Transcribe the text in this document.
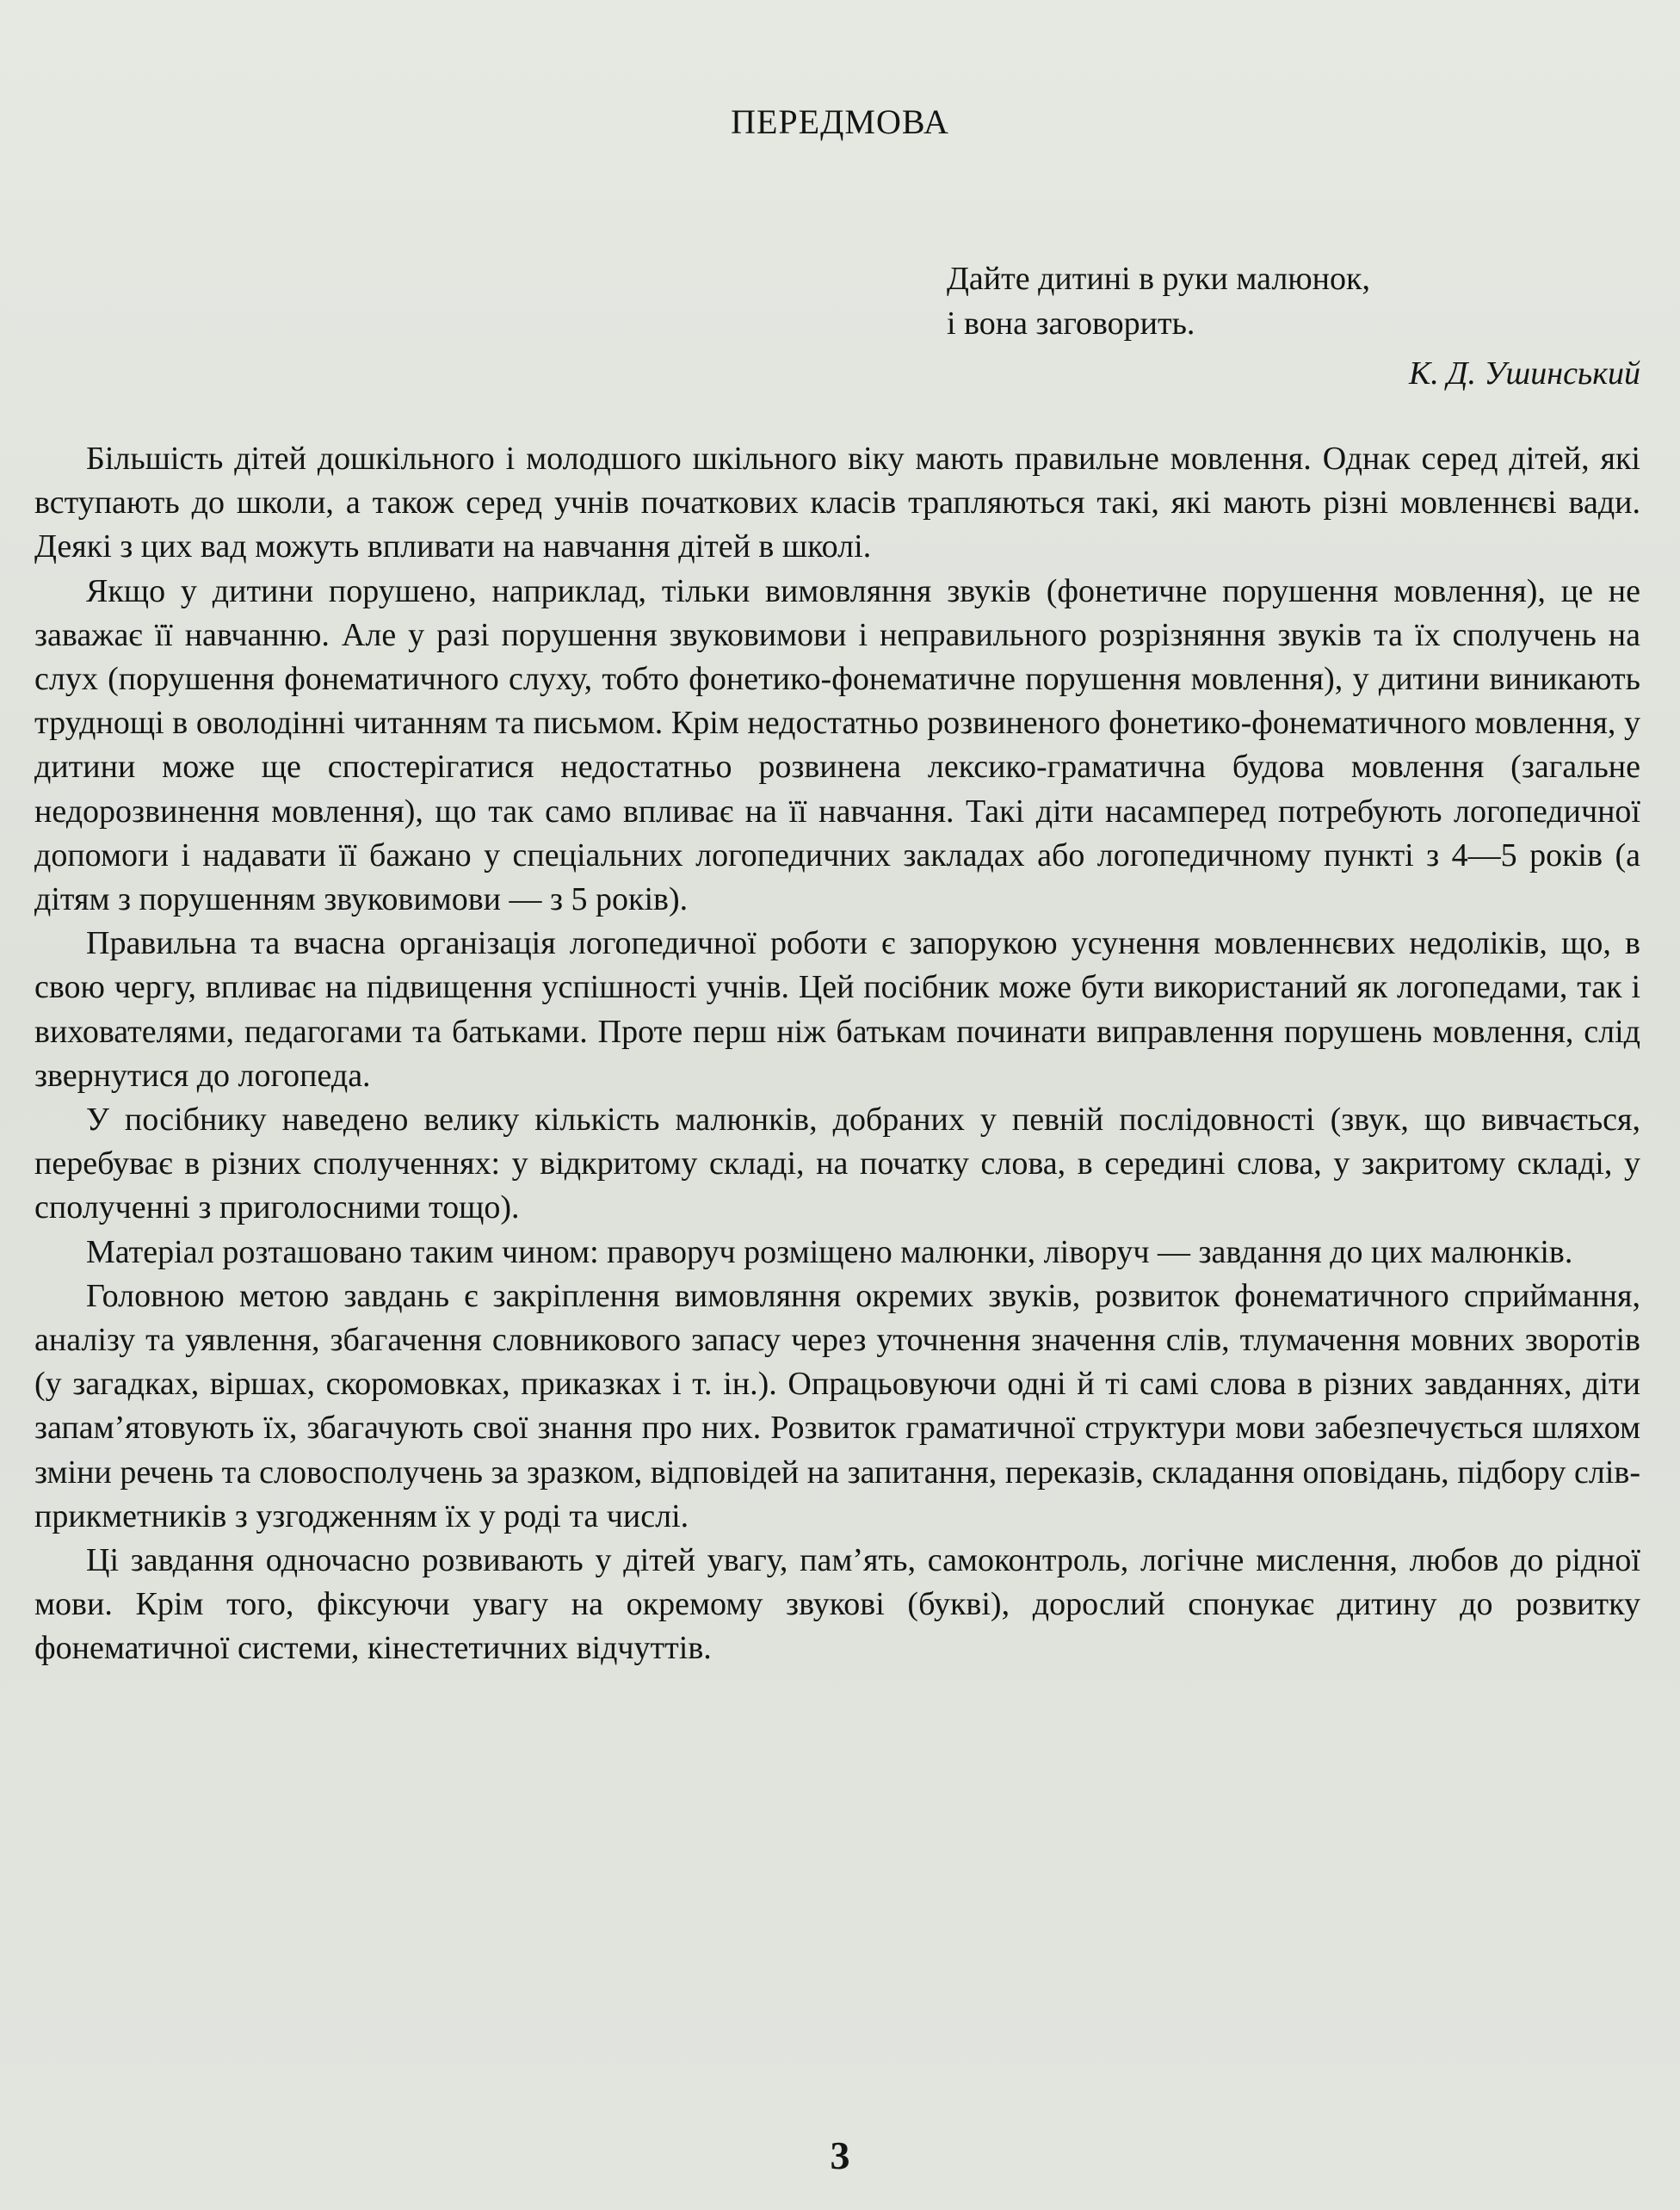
ПЕРЕДМОВА
Дайте дитині в руки малюнок,
і вона заговорить.
К. Д. Ушинський

Більшість дітей дошкільного і молодшого шкільного віку мають правильне мовлення. Однак серед дітей, які вступають до школи, а також серед учнів початкових класів трапляються такі, які мають різні мовленнєві вади. Деякі з цих вад можуть впливати на навчання дітей в школі.

Якщо у дитини порушено, наприклад, тільки вимовляння звуків (фонетичне порушення мовлення), це не заважає її навчанню. Але у разі порушення звуковимови і неправильного розрізняння звуків та їх сполучень на слух (порушення фонематичного слуху, тобто фонетико-фонематичне порушення мовлення), у дитини виникають труднощі в оволодінні читанням та письмом. Крім недостатньо розвиненого фонетико-фонематичного мовлення, у дитини може ще спостерігатися недостатньо розвинена лексико-граматична будова мовлення (загальне недорозвинення мовлення), що так само впливає на її навчання. Такі діти насамперед потребують логопедичної допомоги і надавати її бажано у спеціальних логопедичних закладах або логопедичному пункті з 4—5 років (а дітям з порушенням звуковимови — з 5 років).

Правильна та вчасна організація логопедичної роботи є запорукою усунення мовленнєвих недоліків, що, в свою чергу, впливає на підвищення успішності учнів. Цей посібник може бути використаний як логопедами, так і вихователями, педагогами та батьками. Проте перш ніж батькам починати виправлення порушень мовлення, слід звернутися до логопеда.

У посібнику наведено велику кількість малюнків, добраних у певній послідовності (звук, що вивчається, перебуває в різних сполученнях: у відкритому складі, на початку слова, в середині слова, у закритому складі, у сполученні з приголосними тощо).

Матеріал розташовано таким чином: праворуч розміщено малюнки, ліворуч — завдання до цих малюнків.

Головною метою завдань є закріплення вимовляння окремих звуків, розвиток фонематичного сприймання, аналізу та уявлення, збагачення словникового запасу через уточнення значення слів, тлумачення мовних зворотів (у загадках, віршах, скоромовках, приказках і т. ін.). Опрацьовуючи одні й ті самі слова в різних завданнях, діти запам’ятовують їх, збагачують свої знання про них. Розвиток граматичної структури мови забезпечується шляхом зміни речень та словосполучень за зразком, відповідей на запитання, переказів, складання оповідань, підбору слів-прикметників з узгодженням їх у роді та числі.

Ці завдання одночасно розвивають у дітей увагу, пам’ять, самоконтроль, логічне мислення, любов до рідної мови. Крім того, фіксуючи увагу на окремому звукові (букві), дорослий спонукає дитину до розвитку фонематичної системи, кінестетичних відчуттів.

3
